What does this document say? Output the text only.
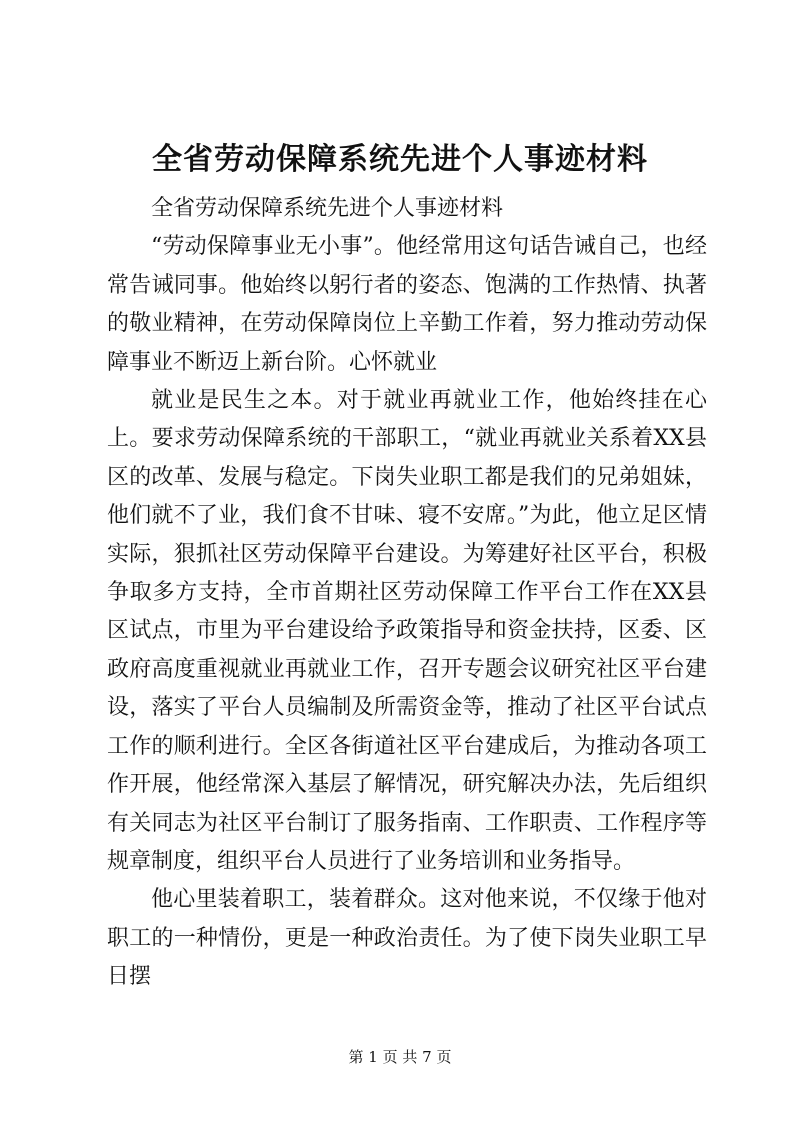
全省劳动保障系统先进个人事迹材料

全省劳动保障系统先进个人事迹材料

“劳动保障事业无小事”。他经常用这句话告诫自己，也经常告诫同事。他始终以躬行者的姿态、饱满的工作热情、执著的敬业精神，在劳动保障岗位上辛勤工作着，努力推动劳动保障事业不断迈上新台阶。心怀就业

就业是民生之本。对于就业再就业工作，他始终挂在心上。要求劳动保障系统的干部职工，“就业再就业关系着XX县区的改革、发展与稳定。下岗失业职工都是我们的兄弟姐妹，他们就不了业，我们食不甘味、寝不安席。”为此，他立足区情实际，狠抓社区劳动保障平台建设。为筹建好社区平台，积极争取多方支持，全市首期社区劳动保障工作平台工作在XX县区试点，市里为平台建设给予政策指导和资金扶持，区委、区政府高度重视就业再就业工作，召开专题会议研究社区平台建设，落实了平台人员编制及所需资金等，推动了社区平台试点工作的顺利进行。全区各街道社区平台建成后，为推动各项工作开展，他经常深入基层了解情况，研究解决办法，先后组织有关同志为社区平台制订了服务指南、工作职责、工作程序等规章制度，组织平台人员进行了业务培训和业务指导。

他心里装着职工，装着群众。这对他来说，不仅缘于他对职工的一种情份，更是一种政治责任。为了使下岗失业职工早日摆

第 1 页 共 7 页
